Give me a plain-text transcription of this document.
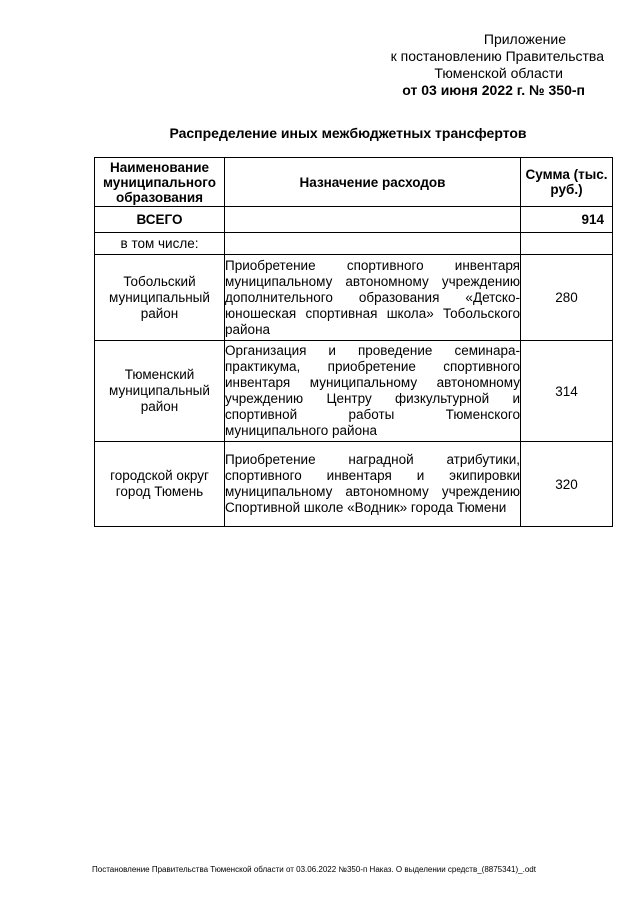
Приложение
к постановлению Правительства
Тюменской области
от 03 июня 2022 г. № 350-п
Распределение иных межбюджетных трансфертов
Наименование муниципального образования	Назначение расходов	Сумма (тыс. руб.)
ВСЕГО		914
в том числе:		
Тобольский муниципальный район	Приобретение спортивного инвентаря муниципальному автономному учреждению дополнительного образования «Детско-юношеская спортивная школа» Тобольского района	280
Тюменский муниципальный район	Организация и проведение семинара-практикума, приобретение спортивного инвентаря муниципальному автономному учреждению Центру физкультурной и спортивной работы Тюменского муниципального района	314
городской округ город Тюмень	Приобретение наградной атрибутики, спортивного инвентаря и экипировки муниципальному автономному учреждению Спортивной школе «Водник» города Тюмени	320
Постановление Правительства Тюменской области от 03.06.2022 №350-п Наказ. О выделении средств_(8875341)_.odt
